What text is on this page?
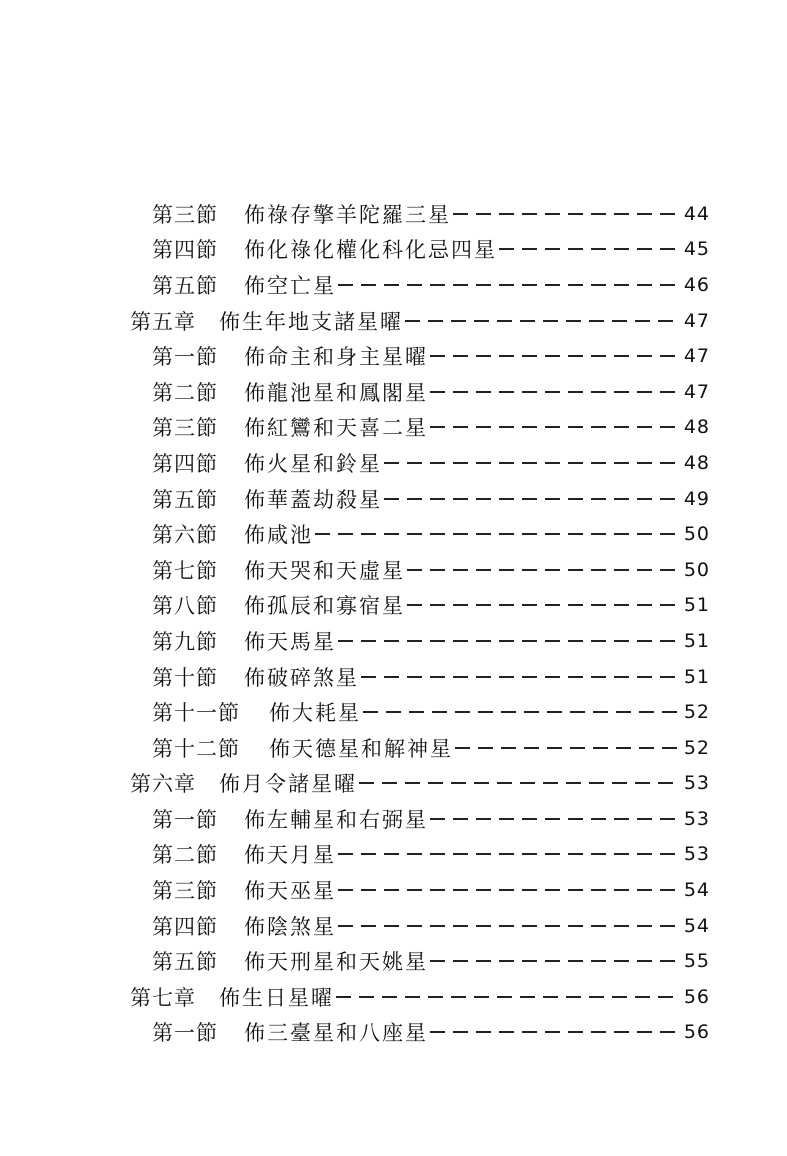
第三節	佈祿存擎羊陀羅三星	44
第四節	佈化祿化權化科化忌四星	45
第五節	佈空亡星	46
第五章	佈生年地支諸星曜	47
第一節	佈命主和身主星曜	47
第二節	佈龍池星和鳳閣星	47
第三節	佈紅鸞和天喜二星	48
第四節	佈火星和鈴星	48
第五節	佈華蓋劫殺星	49
第六節	佈咸池	50
第七節	佈天哭和天虛星	50
第八節	佈孤辰和寡宿星	51
第九節	佈天馬星	51
第十節	佈破碎煞星	51
第十一節	佈大耗星	52
第十二節	佈天德星和解神星	52
第六章	佈月令諸星曜	53
第一節	佈左輔星和右弼星	53
第二節	佈天月星	53
第三節	佈天巫星	54
第四節	佈陰煞星	54
第五節	佈天刑星和天姚星	55
第七章	佈生日星曜	56
第一節	佈三臺星和八座星	56
